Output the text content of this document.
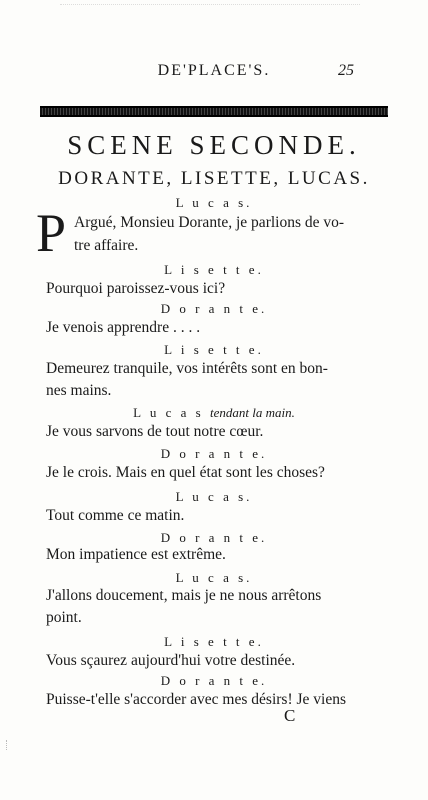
DE'PLACE'S.	25
SCENE SECONDE.
DORANTE, LISETTE, LUCAS.
L u c a s.
P Argué, Monsieu Dorante, je parlions de vo-
tre affaire.
L i s e t t e.
Pourquoi paroissez-vous ici?
D o r a n t e.
Je venois apprendre . . . .
L i s e t t e.
Demeurez tranquile, vos intérêts sont en bon-
nes mains.
L u c a s tendant la main.
Je vous sarvons de tout notre cœur.
D o r a n t e.
Je le crois. Mais en quel état sont les choses?
L u c a s.
Tout comme ce matin.
D o r a n t e.
Mon impatience est extrême.
L u c a s.
J'allons doucement, mais je ne nous arrêtons
point.
L i s e t t e.
Vous sçaurez aujourd'hui votre destinée.
D o r a n t e.
Puisse-t'elle s'accorder avec mes désirs! Je viens
C
